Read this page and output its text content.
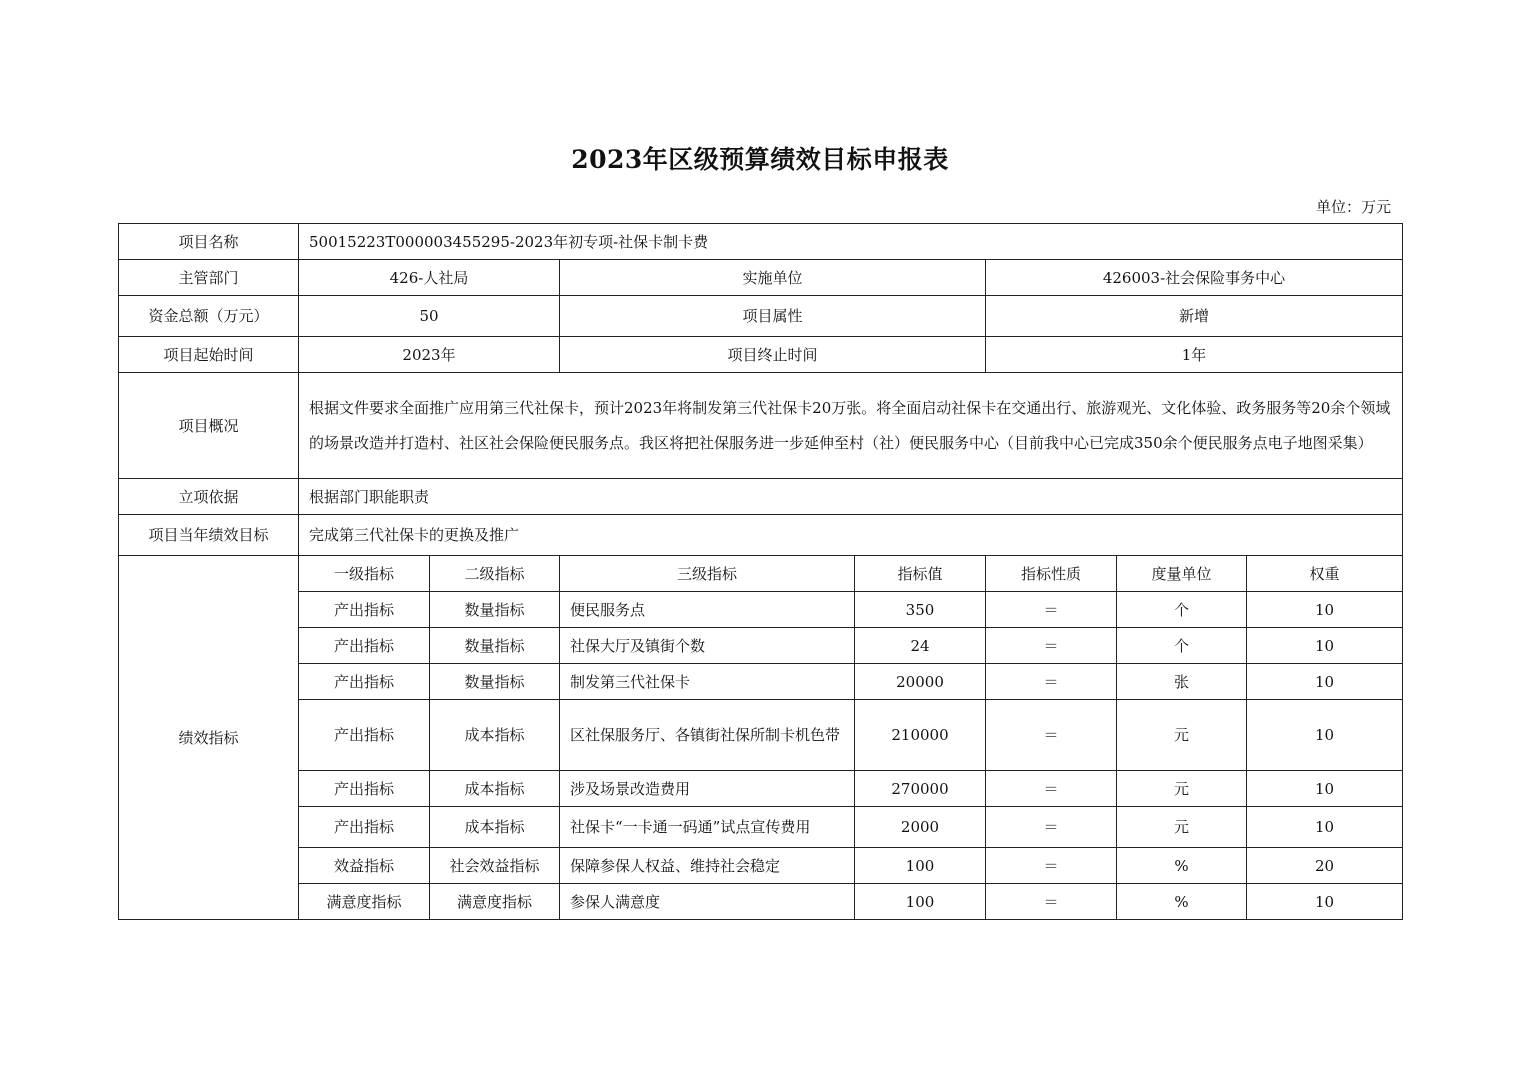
2023年区级预算绩效目标申报表
单位：万元
项目名称	50015223T000003455295-2023年初专项-社保卡制卡费						
主管部门	426-人社局		实施单位		426003-社会保险事务中心		
资金总额（万元）	50		项目属性		新增		
项目起始时间	2023年		项目终止时间		1年		
项目概况	根据文件要求全面推广应用第三代社保卡，预计2023年将制发第三代社保卡20万张。将全面启动社保卡在交通出行、旅游观光、文化体验、政务服务等20余个领域的场景改造并打造村、社区社会保险便民服务点。我区将把社保服务进一步延伸至村（社）便民服务中心（目前我中心已完成350余个便民服务点电子地图采集）						
立项依据	根据部门职能职责						
项目当年绩效目标	完成第三代社保卡的更换及推广						
绩效指标	一级指标	二级指标	三级指标	指标值	指标性质	度量单位	权重
	产出指标	数量指标	便民服务点	350	＝	个	10
	产出指标	数量指标	社保大厅及镇街个数	24	＝	个	10
	产出指标	数量指标	制发第三代社保卡	20000	＝	张	10
	产出指标	成本指标	区社保服务厅、各镇街社保所制卡机色带	210000	＝	元	10
	产出指标	成本指标	涉及场景改造费用	270000	＝	元	10
	产出指标	成本指标	社保卡“一卡通一码通”试点宣传费用	2000	＝	元	10
	效益指标	社会效益指标	保障参保人权益、维持社会稳定	100	＝	%	20
	满意度指标	满意度指标	参保人满意度	100	＝	%	10
